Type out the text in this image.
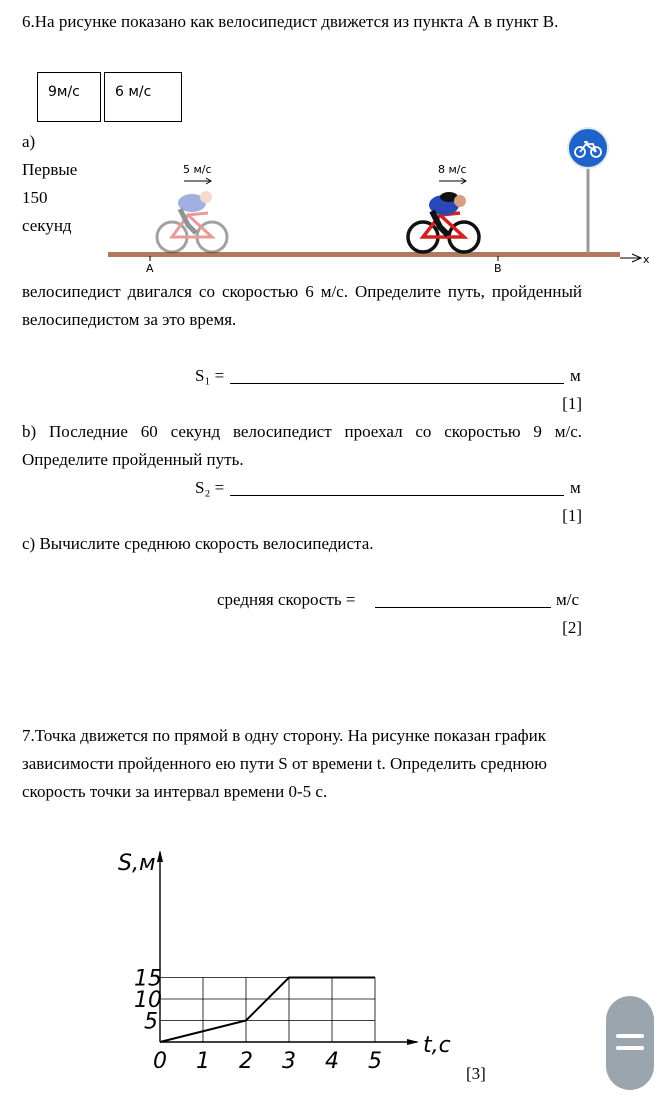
6.На рисунке показано как велосипедист движется из пункта А в пункт В.
9м/с	6 м/с
a)
Первые
150
секунд
x
A	B
5 м/с	8 м/с
велосипедист двигался со скоростью 6 м/с. Определите путь, пройденный велосипедистом за это время.
S₁ =	м
[1]
b) Последние 60 секунд велосипедист проехал со скоростью 9 м/с. Определите пройденный путь.
S₂ =	м
[1]
c) Вычислите среднюю скорость велосипедиста.
средняя скорость =	м/с
[2]
7.Точка движется по прямой в одну сторону. На рисунке показан график зависимости пройденного ею пути S от времени t. Определить среднюю скорость точки за интервал времени 0-5 с.
0 1 2 3 4 5
5
10
15
S,м
t,c
[3]
